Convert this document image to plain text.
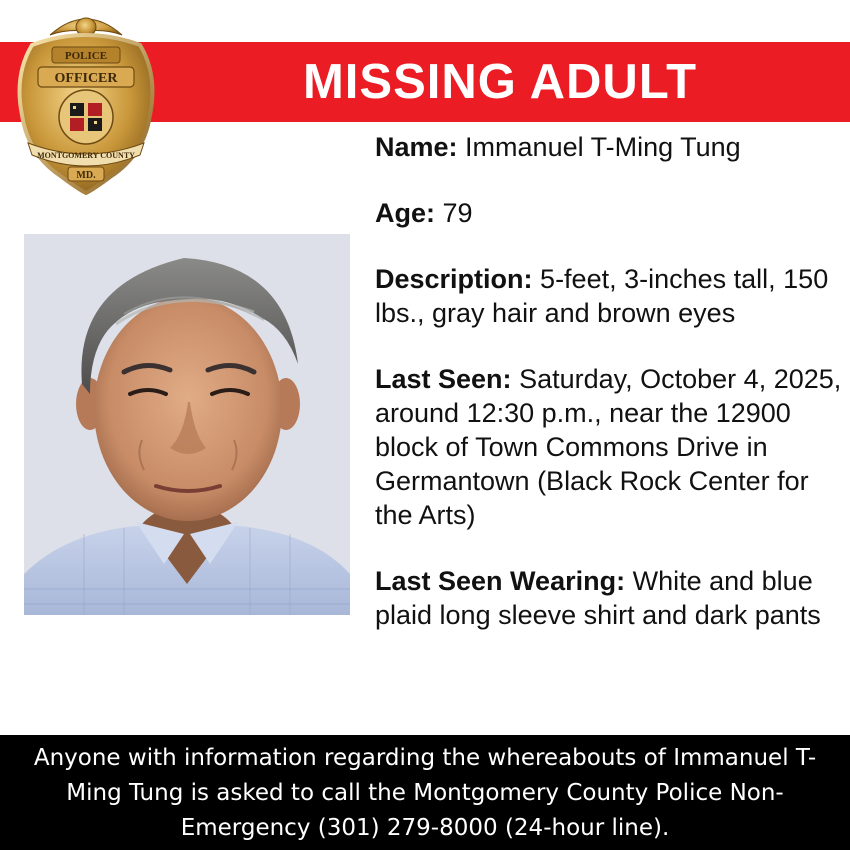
MISSING ADULT
POLICE
OFFICER
MONTGOMERY COUNTY
MD.

Name: Immanuel T-Ming Tung

Age: 79

Description: 5-feet, 3-inches tall, 150 lbs., gray hair and brown eyes

Last Seen: Saturday, October 4, 2025, around 12:30 p.m., near the 12900 block of Town Commons Drive in Germantown (Black Rock Center for the Arts)

Last Seen Wearing: White and blue plaid long sleeve shirt and dark pants

Anyone with information regarding the whereabouts of Immanuel T-Ming Tung is asked to call the Montgomery County Police Non-Emergency (301) 279-8000 (24-hour line).
